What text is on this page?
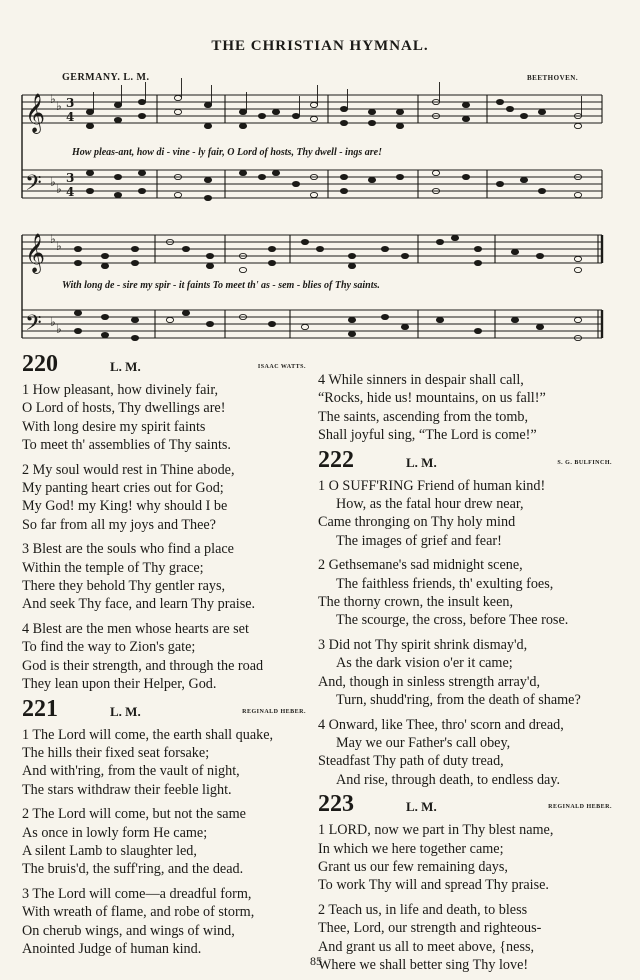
THE CHRISTIAN HYMNAL.
GERMANY. L. M.	BEETHOVEN.
𝄞
𝄢
𝄞
𝄢
♭ ♭
♭ ♭
♭ ♭
♭ ♭
3
4
3
4
How pleas-ant, how di - vine - ly fair, O Lord of hosts, Thy dwell - ings are!
With long de - sire my spir - it faints To meet th' as - sem - blies of Thy saints.
220	L. M.	ISAAC WATTS.
1 How pleasant, how divinely fair,
O Lord of hosts, Thy dwellings are!
With long desire my spirit faints
To meet th' assemblies of Thy saints.
2 My soul would rest in Thine abode,
My panting heart cries out for God;
My God! my King! why should I be
So far from all my joys and Thee?
3 Blest are the souls who find a place
Within the temple of Thy grace;
There they behold Thy gentler rays,
And seek Thy face, and learn Thy praise.
4 Blest are the men whose hearts are set
To find the way to Zion's gate;
God is their strength, and through the road
They lean upon their Helper, God.
221	L. M.	REGINALD HEBER.
1 The Lord will come, the earth shall quake,
The hills their fixed seat forsake;
And with'ring, from the vault of night,
The stars withdraw their feeble light.
2 The Lord will come, but not the same
As once in lowly form He came;
A silent Lamb to slaughter led,
The bruis'd, the suff'ring, and the dead.
3 The Lord will come—a dreadful form,
With wreath of flame, and robe of storm,
On cherub wings, and wings of wind,
Anointed Judge of human kind.
4 While sinners in despair shall call,
“Rocks, hide us! mountains, on us fall!”
The saints, ascending from the tomb,
Shall joyful sing, “The Lord is come!”
222	L. M.	S. G. BULFINCH.
1 O SUFF'RING Friend of human kind!
How, as the fatal hour drew near,
Came thronging on Thy holy mind
The images of grief and fear!
2 Gethsemane's sad midnight scene,
The faithless friends, th' exulting foes,
The thorny crown, the insult keen,
The scourge, the cross, before Thee rose.
3 Did not Thy spirit shrink dismay'd,
As the dark vision o'er it came;
And, though in sinless strength array'd,
Turn, shudd'ring, from the death of shame?
4 Onward, like Thee, thro' scorn and dread,
May we our Father's call obey,
Steadfast Thy path of duty tread,
And rise, through death, to endless day.
223	L. M.	REGINALD HEBER.
1 LORD, now we part in Thy blest name,
In which we here together came;
Grant us our few remaining days,
To work Thy will and spread Thy praise.
2 Teach us, in life and death, to bless
Thee, Lord, our strength and righteous-
And grant us all to meet above, {ness,
Where we shall better sing Thy love!
85
